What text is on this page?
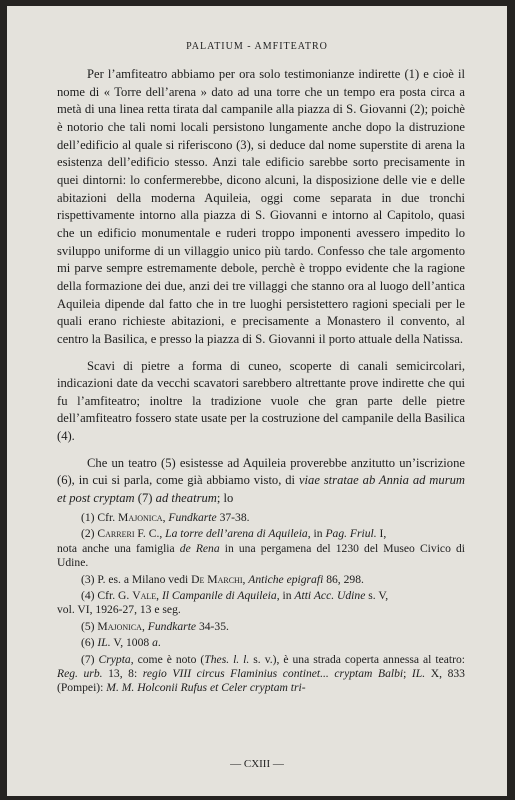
PALATIUM - AMFITEATRO

Per l’amfiteatro abbiamo per ora solo testimonianze indirette (1) e cioè il nome di « Torre dell’arena » dato ad una torre che un tempo era posta circa a metà di una linea retta tirata dal campanile alla piazza di S. Giovanni (2); poichè è notorio che tali nomi locali persistono lungamente anche dopo la distruzione dell’edificio al quale si riferiscono (3), si deduce dal nome superstite di arena la esistenza dell’edificio stesso. Anzi tale edificio sarebbe sorto precisamente in quei dintorni: lo confermerebbe, dicono alcuni, la disposizione delle vie e delle abitazioni della moderna Aquileia, oggi come separata in due tronchi rispettivamente intorno alla piazza di S. Giovanni e intorno al Capitolo, quasi che un edificio monumentale e ruderi troppo imponenti avessero impedito lo sviluppo uniforme di un villaggio unico più tardo. Confesso che tale argomento mi parve sempre estremamente debole, perchè è troppo evidente che la ragione della formazione dei due, anzi dei tre villaggi che stanno ora al luogo dell’antica Aquileia dipende dal fatto che in tre luoghi persistettero ragioni speciali per le quali erano richieste abitazioni, e precisamente a Monastero il convento, al centro la Basilica, e presso la piazza di S. Giovanni il porto attuale della Natissa.

Scavi di pietre a forma di cuneo, scoperte di canali semicircolari, indicazioni date da vecchi scavatori sarebbero altrettante prove indirette che qui fu l’amfiteatro; inoltre la tradizione vuole che gran parte delle pietre dell’amfiteatro fossero state usate per la costruzione del campanile della Basilica (4).

Che un teatro (5) esistesse ad Aquileia proverebbe anzitutto un’iscrizione (6), in cui si parla, come già abbiamo visto, di viae stratae ab Annia ad murum et post cryptam (7) ad theatrum; lo

(1) Cfr. Majonica, Fundkarte 37-38.

(2) Carreri F. C., La torre dell’arena di Aquileia, in Pag. Friul. I,
nota anche una famiglia de Rena in una pergamena del 1230 del Museo Civico di Udine.

(3) P. es. a Milano vedi De Marchi, Antiche epigrafi 86, 298.

(4) Cfr. G. Vale, Il Campanile di Aquileia, in Atti Acc. Udine s. V,
vol. VI, 1926-27, 13 e seg.

(5) Majonica, Fundkarte 34-35.

(6) IL. V, 1008 a.

(7) Crypta, come è noto (Thes. l. l. s. v.), è una strada coperta annessa al teatro: Reg. urb. 13, 8: regio VIII circus Flaminius continet... cryptam Balbi; IL. X, 833 (Pompei): M. M. Holconii Rufus et Celer cryptam tri-

— CXIII —
